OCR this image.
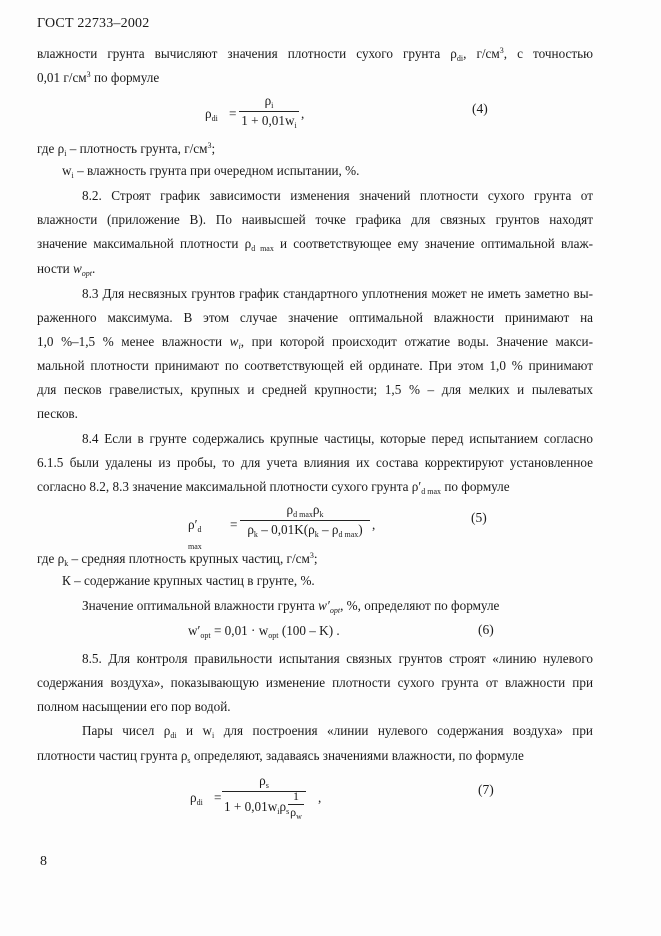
ГОСТ 22733–2002
влажности грунта вычисляют значения плотности сухого грунта $\rho_{di}$, $г/см^3$, с точностью
0,01 $г/см^3$ по формуле
$\rho_{di}$ =
$\rho_i$
$1 + 0,01w_i$
,	(4)
где $\rho_i$ – плотность грунта, $г/см^3$;
$w_i$ – влажность грунта при очередном испытании, %.
8.2. Строят график зависимости изменения значений плотности сухого грунта от
влажности (приложение В). По наивысшей точке графика для связных грунтов находят
значение максимальной плотности $\rho_{d max}$ и соответствующее ему значение оптимальной влаж-
ности $w_{opt}$.
8.3 Для несвязных грунтов график стандартного уплотнения может не иметь заметно вы-
раженного максимума. В этом случае значение оптимальной влажности принимают на
1,0 %–1,5 % менее влажности $w_i$, при которой происходит отжатие воды. Значение макси-
мальной плотности принимают по соответствующей ей ординате. При этом 1,0 % принимают
для песков гравелистых, крупных и средней крупности; 1,5 % – для мелких и пылеватых
песков.
8.4 Если в грунте содержались крупные частицы, которые перед испытанием согласно
6.1.5 были удалены из пробы, то для учета влияния их состава корректируют установленное
согласно 8.2, 8.3 значение максимальной плотности сухого грунта $\rho'_{d max}$ по формуле
$\rho'_{d max}$
=
$\rho_{d max}\rho_k$
$\rho_k - 0,01K(\rho_k - \rho_{d max})$ ,	(5)
где $\rho_k$ – средняя плотность крупных частиц, $г/см^3$;
К – содержание крупных частиц в грунте, %.
Значение оптимальной влажности грунта $w'_{opt}$, %, определяют по формуле
$w'_{opt} = 0,01 \cdot w_{opt}$ (100 – K) .	(6)
8.5. Для контроля правильности испытания связных грунтов строят «линию нулевого
содержания воздуха», показывающую изменение плотности сухого грунта от влажности при
полном насыщении его пор водой.
Пары чисел $\rho_{di}$ и $w_i$ для построения «линии нулевого содержания воздуха» при
плотности частиц грунта $\rho_s$ определяют, задаваясь значениями влажности, по формуле
$\rho_{di}$ =
$\rho_s$
$1 + 0,01w_i\rho_s$
1
$\rho_w$
,
(7)
8
